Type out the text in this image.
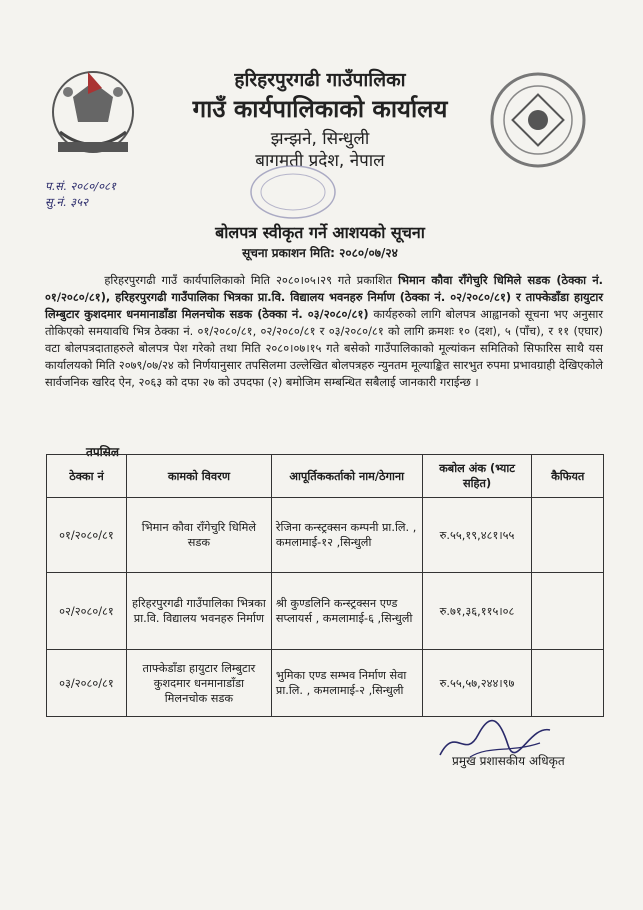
हरिहरपुरगढी गाउँपालिका
गाउँ कार्यपालिकाको कार्यालय
झन्झने, सिन्धुली
बागमती प्रदेश, नेपाल
प.सं. २०८०/०८१
सु.नं. ३५२
बोलपत्र स्वीकृत गर्ने आशयको सूचना
सूचना प्रकाशन मिति: २०८०/०७/२४
हरिहरपुरगढी गाउँ कार्यपालिकाको मिति २०८०।०५।२९ गते प्रकाशित भिमान कौवा राँगेचुरि धिमिले सडक (ठेक्का नं. ०१/२०८०/८१), हरिहरपुरगढी गाउँपालिका भित्रका प्रा.वि. विद्यालय भवनहरु निर्माण (ठेक्का नं. ०२/२०८०/८१) र ताफ्केडाँडा हायुटार लिम्बुटार कुशदमार धनमानाडाँडा मिलनचोक सडक (ठेक्का नं. ०३/२०८०/८१) कार्यहरुको लागि बोलपत्र आह्वानको सूचना भए अनुसार तोकिएको समयावधि भित्र ठेक्का नं. ०१/२०८०/८१, ०२/२०८०/८१ र ०३/२०८०/८१ को लागि क्रमशः १० (दश), ५ (पाँच), र ११ (एघार) वटा बोलपत्रदाताहरुले बोलपत्र पेश गरेको तथा मिति २०८०।०७।१५ गते बसेको गाउँपालिकाको मूल्यांकन समितिको सिफारिस साथै यस कार्यालयको मिति २०७९/०७/२४ को निर्णयानुसार तपसिलमा उल्लेखित बोलपत्रहरु न्युनतम मूल्याङ्कित सारभुत रुपमा प्रभावग्राही देखिएकोले सार्वजनिक खरिद ऐन, २०६३ को दफा २७ को उपदफा (२) बमोजिम सम्बन्धित सबैलाई जानकारी गराईन्छ ।
तपसिल
ठेक्का नं	कामको विवरण	आपूर्तिककर्ताको नाम/ठेगाना	कबोल अंक (भ्याट सहित)	कैफियत
०१/२०८०/८१	भिमान कौवा राँगेचुरि धिमिले सडक	रेजिना कन्स्ट्रक्सन कम्पनी प्रा.लि. , कमलामाई-१२ ,सिन्धुली	रु.५५,१९,४८१।५५	
०२/२०८०/८१	हरिहरपुरगढी गाउँपालिका भित्रका प्रा.वि. विद्यालय भवनहरु निर्माण	श्री कुण्डलिनि कन्स्ट्रक्सन एण्ड सप्लायर्स , कमलामाई-६ ,सिन्धुली	रु.७१,३६,११५।०८	
०३/२०८०/८१	ताफ्केडाँडा हायुटार लिम्बुटार कुशदमार धनमानाडाँडा मिलनचोक सडक	भुमिका एण्ड सम्भव निर्माण सेवा प्रा.लि. , कमलामाई-२ ,सिन्धुली	रु.५५,५७,२४४।९७	
प्रमुख प्रशासकीय अधिकृत
